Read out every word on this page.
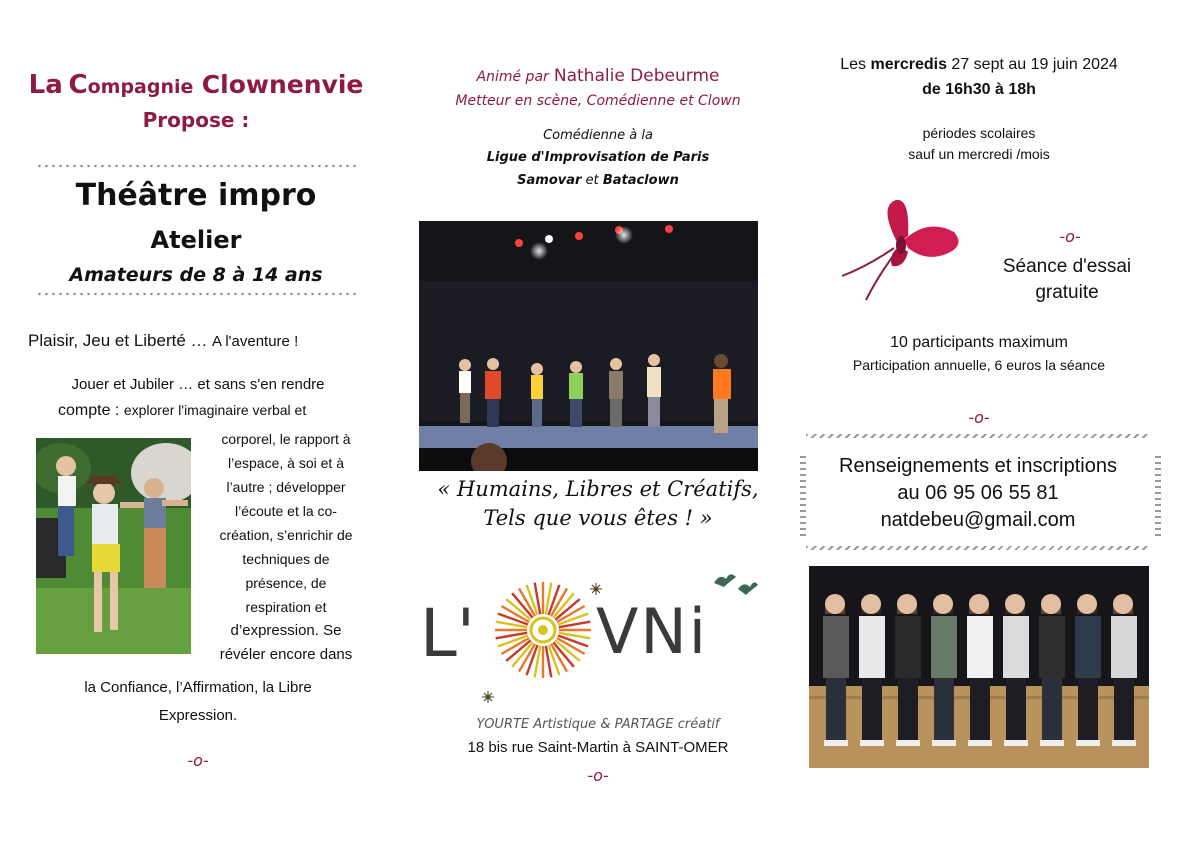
La Compagnie Clownenvie
Propose :
Théâtre impro
Atelier
Amateurs de 8 à 14 ans
Plaisir, Jeu et Liberté … A l'aventure !
Jouer et Jubiler … et sans s'en rendre
compte : explorer l'imaginaire verbal et
corporel, le rapport à
l’espace, à soi et à
l’autre ; développer
l’écoute et la co-
création, s’enrichir de
techniques de
présence, de
respiration et
d’expression. Se
révéler encore dans
la Confiance, l’Affirmation, la Libre
Expression.
-o-
Animé par Nathalie Debeurme
Metteur en scène, Comédienne et Clown
Comédienne à la
Ligue d'Improvisation de Paris
Samovar et Bataclown
« Humains, Libres et Créatifs,
Tels que vous êtes ! »
L' VNi
YOURTE Artistique & PARTAGE créatif
18 bis rue Saint-Martin à SAINT-OMER
-o-
Les mercredis 27 sept au 19 juin 2024
de 16h30 à 18h
périodes scolaires
sauf un mercredi /mois
-o-
Séance d'essai
gratuite
10 participants maximum
Participation annuelle, 6 euros la séance
-o-
Renseignements et inscriptions
au 06 95 06 55 81
natdebeu@gmail.com
